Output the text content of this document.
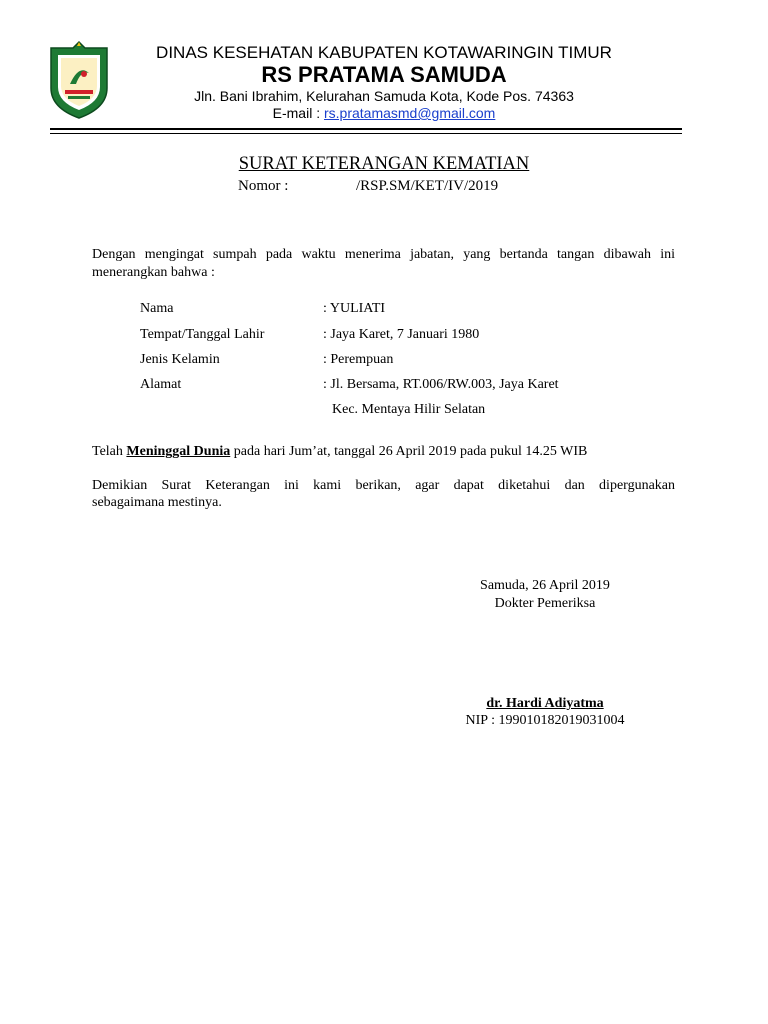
DINAS KESEHATAN KABUPATEN KOTAWARINGIN TIMUR
RS PRATAMA SAMUDA
Jln. Bani Ibrahim, Kelurahan Samuda Kota, Kode Pos. 74363
E-mail : rs.pratamasmd@gmail.com
SURAT KETERANGAN KEMATIAN
Nomor :	/RSP.SM/KET/IV/2019
Dengan mengingat sumpah pada waktu menerima jabatan, yang bertanda tangan dibawah ini
menerangkan bahwa :
Nama	: YULIATI
Tempat/Tanggal Lahir	: Jaya Karet, 7 Januari 1980
Jenis Kelamin	: Perempuan
Alamat	: Jl. Bersama, RT.006/RW.003, Jaya Karet
Kec. Mentaya Hilir Selatan
Telah Meninggal Dunia pada hari Jum’at, tanggal 26 April 2019 pada pukul 14.25 WIB
Demikian Surat Keterangan ini kami berikan, agar dapat diketahui dan dipergunakan
sebagaimana mestinya.
Samuda, 26 April 2019
Dokter Pemeriksa
dr. Hardi Adiyatma
NIP : 199010182019031004
